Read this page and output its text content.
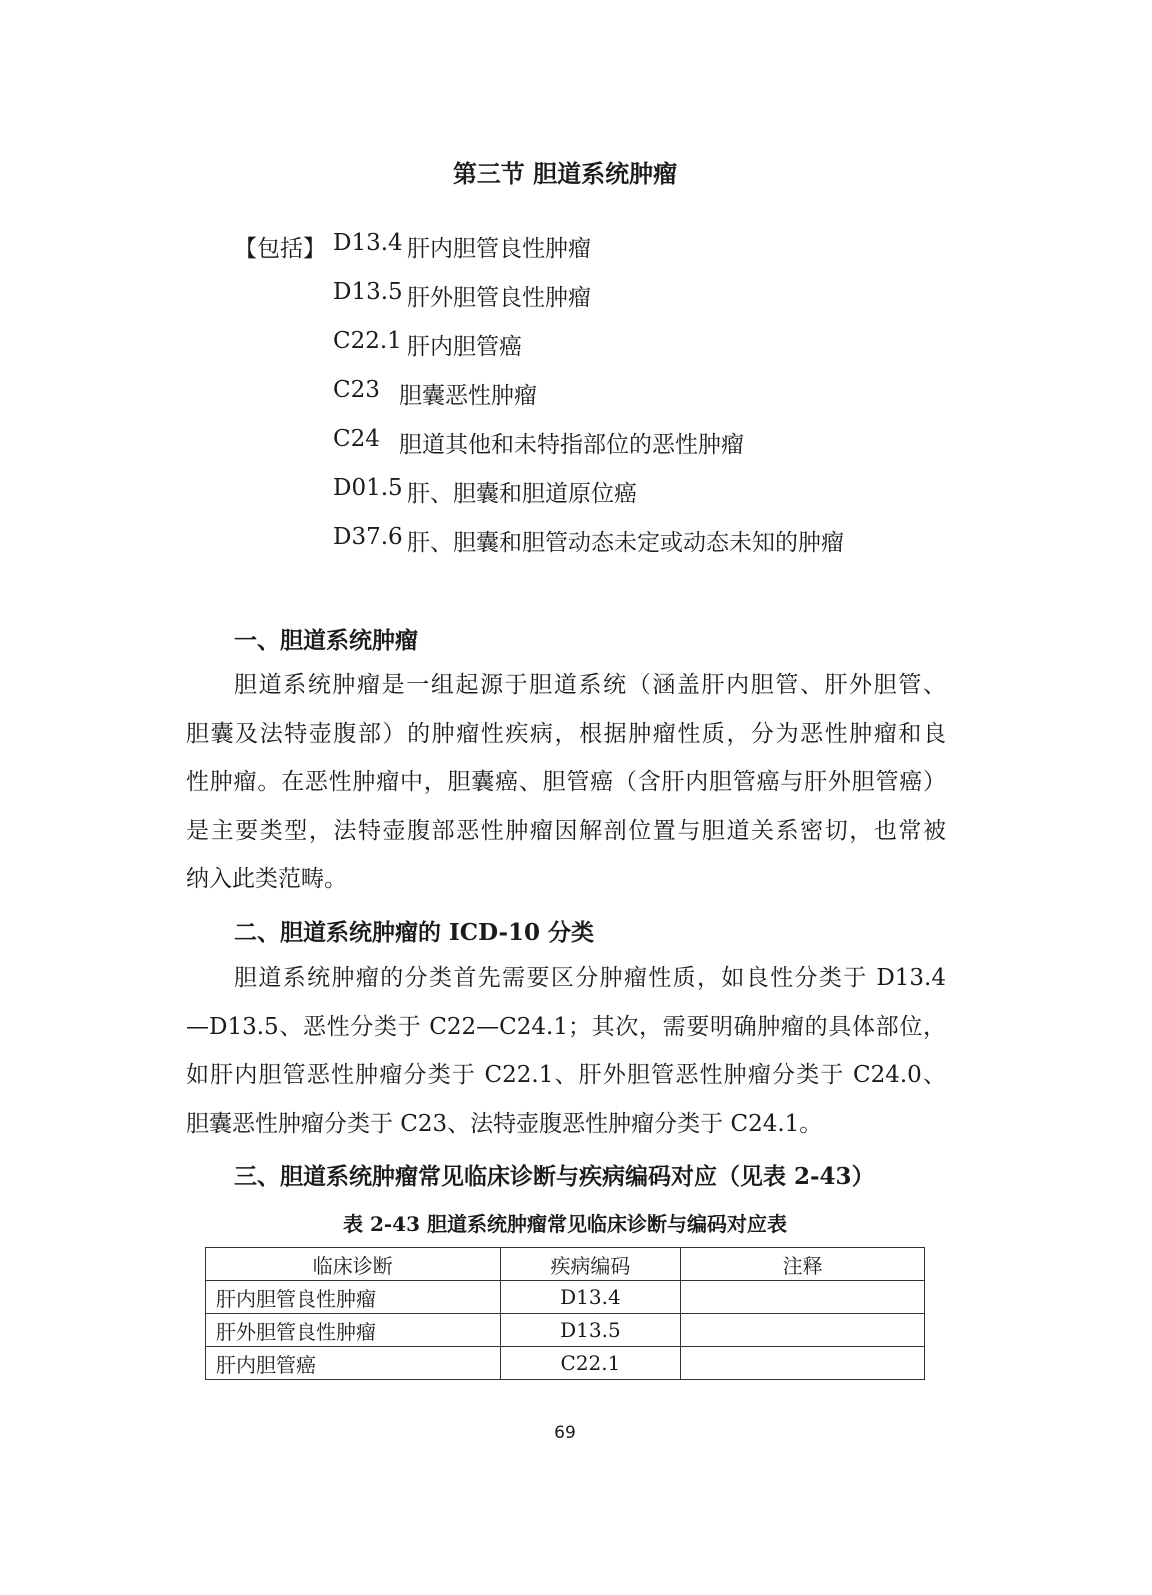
第三节 胆道系统肿瘤
【包括】 D13.4 肝内胆管良性肿瘤
D13.5 肝外胆管良性肿瘤
C22.1 肝内胆管癌
C23 胆囊恶性肿瘤
C24 胆道其他和未特指部位的恶性肿瘤
D01.5 肝、胆囊和胆道原位癌
D37.6 肝、胆囊和胆管动态未定或动态未知的肿瘤
一、胆道系统肿瘤
胆道系统肿瘤是一组起源于胆道系统（涵盖肝内胆管、肝外胆管、
胆囊及法特壶腹部）的肿瘤性疾病，根据肿瘤性质，分为恶性肿瘤和良
性肿瘤。在恶性肿瘤中，胆囊癌、胆管癌（含肝内胆管癌与肝外胆管癌）
是主要类型，法特壶腹部恶性肿瘤因解剖位置与胆道关系密切，也常被
纳入此类范畴。
二、胆道系统肿瘤的 ICD-10 分类
胆道系统肿瘤的分类首先需要区分肿瘤性质，如良性分类于 D13.4
—D13.5、恶性分类于 C22—C24.1；其次，需要明确肿瘤的具体部位，
如肝内胆管恶性肿瘤分类于 C22.1、肝外胆管恶性肿瘤分类于 C24.0、
胆囊恶性肿瘤分类于 C23、法特壶腹恶性肿瘤分类于 C24.1。
三、胆道系统肿瘤常见临床诊断与疾病编码对应（见表 2-43）
表 2-43 胆道系统肿瘤常见临床诊断与编码对应表
临床诊断	疾病编码	注释
肝内胆管良性肿瘤	D13.4	
肝外胆管良性肿瘤	D13.5	
肝内胆管癌	C22.1	
69
